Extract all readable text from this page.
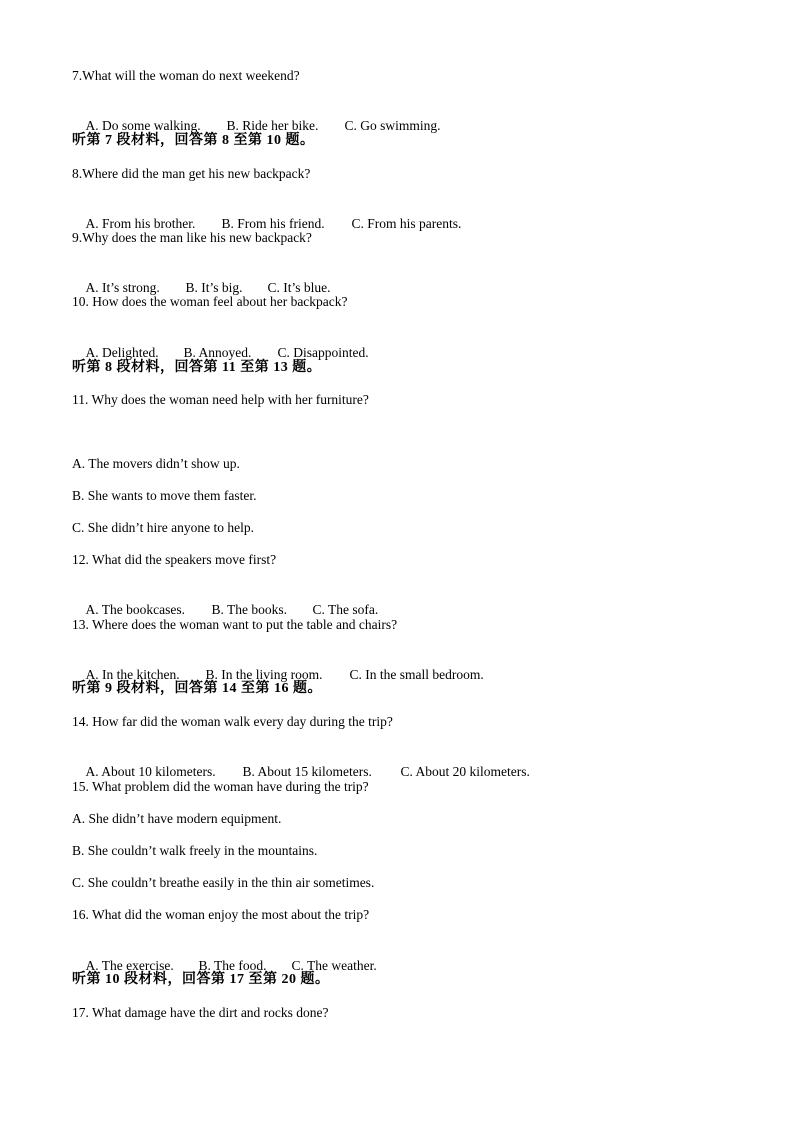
7.What will the woman do next weekend?

A. Do some walking. B. Ride her bike. C. Go swimming.

听第 7 段材料，回答第 8 至第 10 题。
8.Where did the man get his new backpack?

A. From his brother. B. From his friend. C. From his parents.

9.Why does the man like his new backpack?

A. It’s strong. B. It’s big. C. It’s blue.

10. How does the woman feel about her backpack?

A. Delighted. B. Annoyed. C. Disappointed.

听第 8 段材料，回答第 11 至第 13 题。
11. Why does the woman need help with her furniture?
A. The movers didn’t show up.
B. She wants to move them faster.
C. She didn’t hire anyone to help.
12. What did the speakers move first?

A. The bookcases. B. The books. C. The sofa.

13. Where does the woman want to put the table and chairs?

A. In the kitchen. B. In the living room. C. In the small bedroom.

听第 9 段材料，回答第 14 至第 16 题。
14. How far did the woman walk every day during the trip?

A. About 10 kilometers. B. About 15 kilometers. C. About 20 kilometers.

15. What problem did the woman have during the trip?
A. She didn’t have modern equipment.
B. She couldn’t walk freely in the mountains.
C. She couldn’t breathe easily in the thin air sometimes.
16. What did the woman enjoy the most about the trip?

A. The exercise. B. The food. C. The weather.

听第 10 段材料，回答第 17 至第 20 题。
17. What damage have the dirt and rocks done?
